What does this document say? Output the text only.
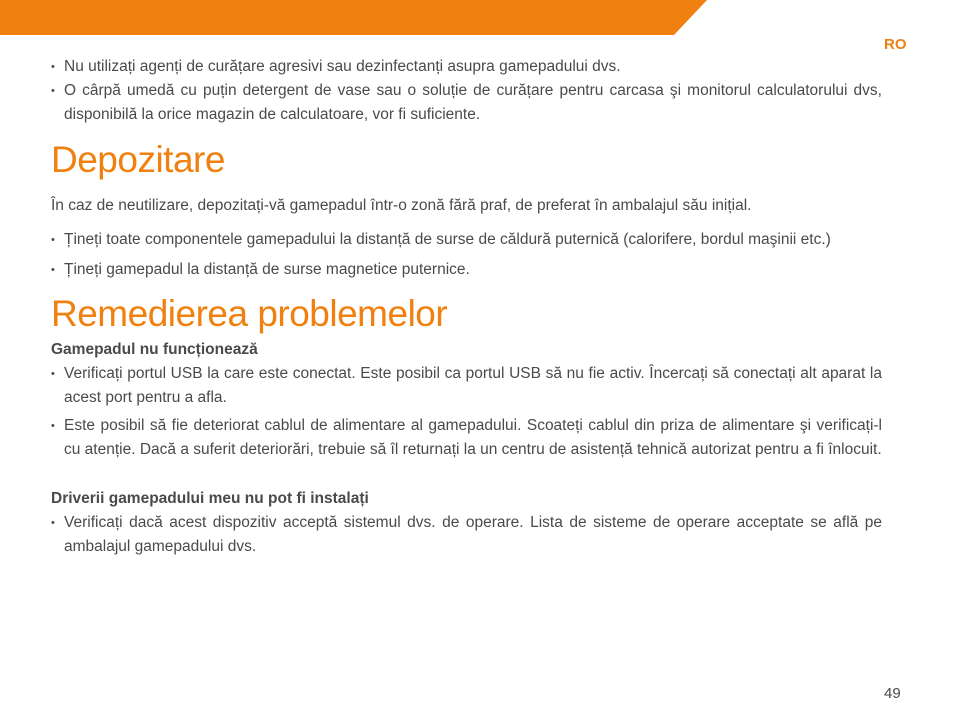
RO
• Nu utilizați agenți de curățare agresivi sau dezinfectanți asupra gamepadului dvs.
• O cârpă umedă cu puțin detergent de vase sau o soluție de curățare pentru carcasa şi monitorul calculatorului dvs, disponibilă la orice magazin de calculatoare, vor fi suficiente.
Depozitare

În caz de neutilizare, depozitați-vă gamepadul într-o zonă fără praf, de preferat în ambalajul său inițial.

• Țineți toate componentele gamepadului la distanță de surse de căldură puternică (calorifere, bordul maşinii etc.)
• Țineți gamepadul la distanță de surse magnetice puternice.
Remedierea problemelor
Gamepadul nu funcționează
• Verificați portul USB la care este conectat. Este posibil ca portul USB să nu fie activ. Încercați să conectați alt aparat la acest port pentru a afla.
• Este posibil să fie deteriorat cablul de alimentare al gamepadului. Scoateți cablul din priza de alimentare şi verificați-l cu atenție. Dacă a suferit deteriorări, trebuie să îl returnați la un centru de asistență tehnică autorizat pentru a fi înlocuit.
Driverii gamepadului meu nu pot fi instalați
• Verificați dacă acest dispozitiv acceptă sistemul dvs. de operare. Lista de sisteme de operare acceptate se află pe ambalajul gamepadului dvs.
49
